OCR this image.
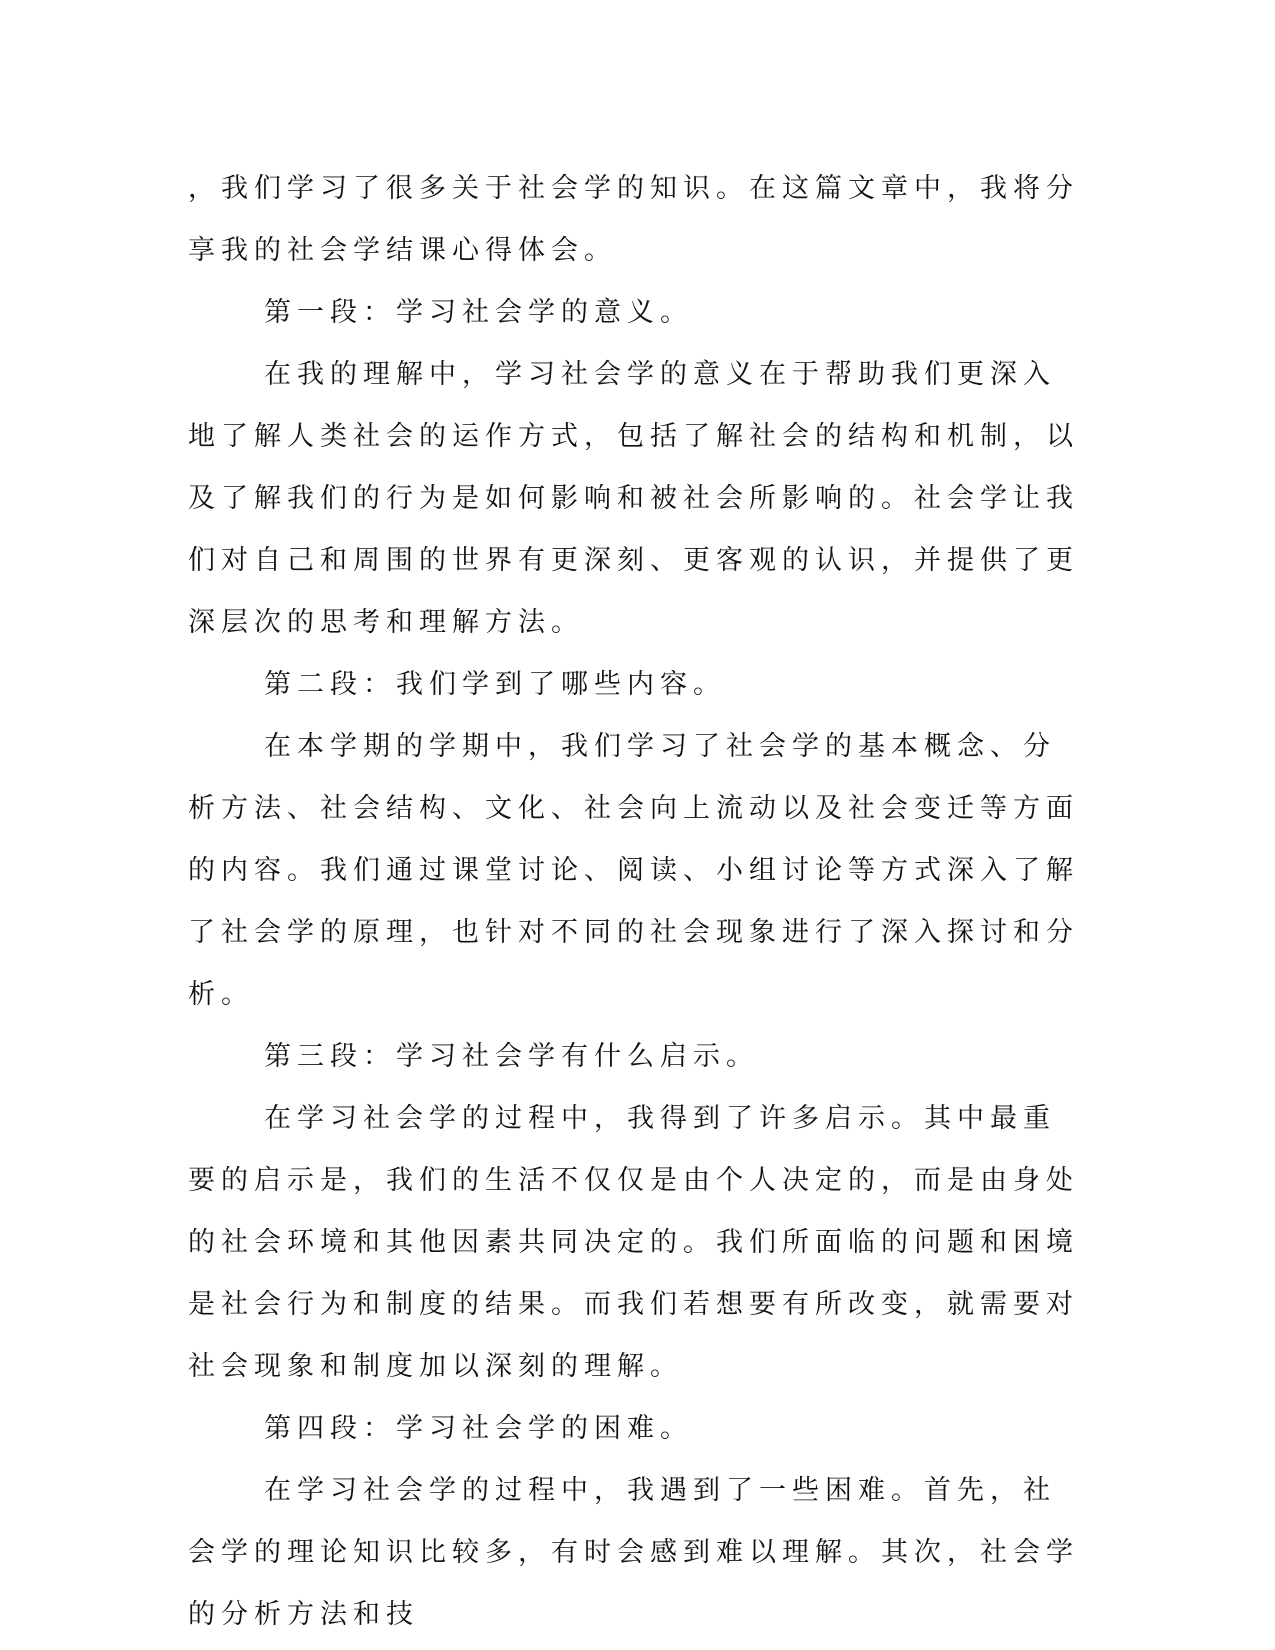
，我们学习了很多关于社会学的知识。在这篇文章中，我将分享我的社会学结课心得体会。

第一段：学习社会学的意义。

在我的理解中，学习社会学的意义在于帮助我们更深入地了解人类社会的运作方式，包括了解社会的结构和机制，以及了解我们的行为是如何影响和被社会所影响的。社会学让我们对自己和周围的世界有更深刻、更客观的认识，并提供了更深层次的思考和理解方法。

第二段：我们学到了哪些内容。

在本学期的学期中，我们学习了社会学的基本概念、分析方法、社会结构、文化、社会向上流动以及社会变迁等方面的内容。我们通过课堂讨论、阅读、小组讨论等方式深入了解了社会学的原理，也针对不同的社会现象进行了深入探讨和分析。

第三段：学习社会学有什么启示。

在学习社会学的过程中，我得到了许多启示。其中最重要的启示是，我们的生活不仅仅是由个人决定的，而是由身处的社会环境和其他因素共同决定的。我们所面临的问题和困境是社会行为和制度的结果。而我们若想要有所改变，就需要对社会现象和制度加以深刻的理解。

第四段：学习社会学的困难。

在学习社会学的过程中，我遇到了一些困难。首先，社会学的理论知识比较多，有时会感到难以理解。其次，社会学的分析方法和技
